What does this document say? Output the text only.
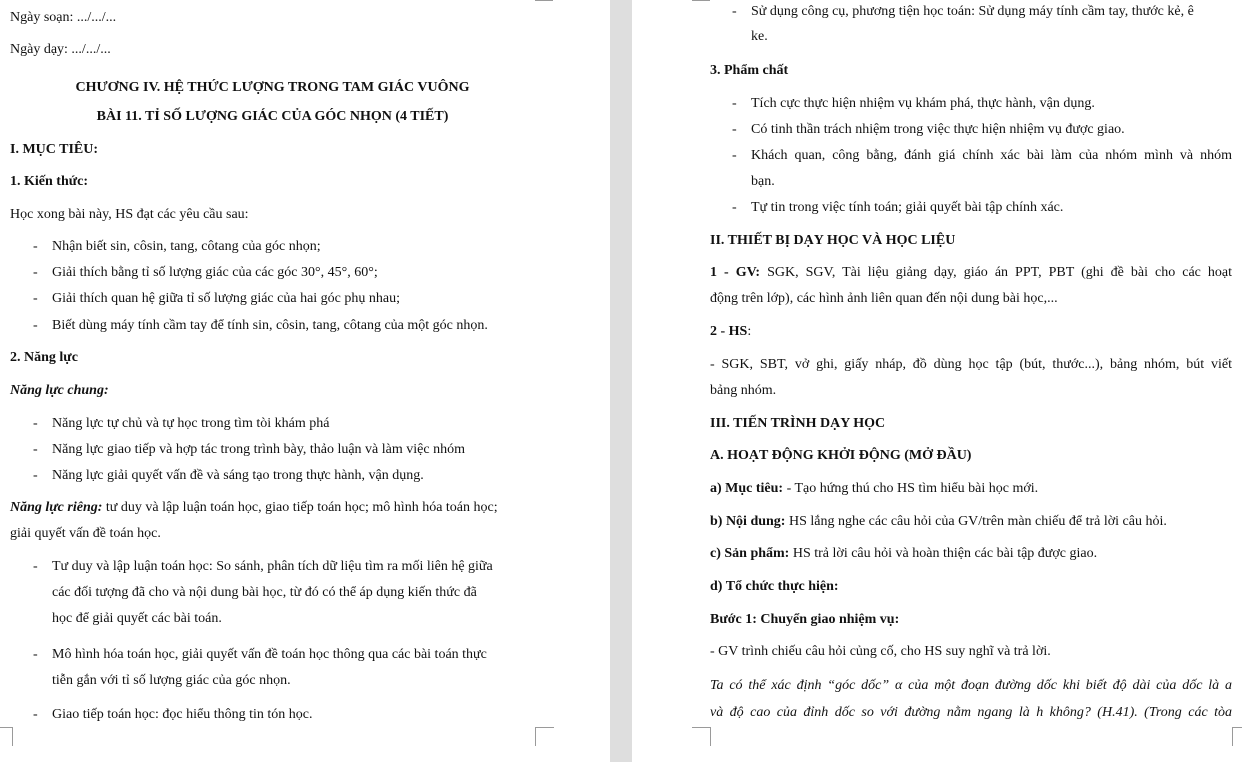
Ngày soạn: .../.../...
Ngày dạy: .../.../...
CHƯƠNG IV. HỆ THỨC LƯỢNG TRONG TAM GIÁC VUÔNG
BÀI 11. TỈ SỐ LƯỢNG GIÁC CỦA GÓC NHỌN (4 TIẾT)
I. MỤC TIÊU:
1. Kiến thức:
Học xong bài này, HS đạt các yêu cầu sau:
- Nhận biết sin, côsin, tang, côtang của góc nhọn;
- Giải thích bằng tỉ số lượng giác của các góc 30°, 45°, 60°;
- Giải thích quan hệ giữa tỉ số lượng giác của hai góc phụ nhau;
- Biết dùng máy tính cầm tay để tính sin, côsin, tang, côtang của một góc nhọn.
2. Năng lực
Năng lực chung:
- Năng lực tự chủ và tự học trong tìm tòi khám phá
- Năng lực giao tiếp và hợp tác trong trình bày, thảo luận và làm việc nhóm
- Năng lực giải quyết vấn đề và sáng tạo trong thực hành, vận dụng.
Năng lực riêng: tư duy và lập luận toán học, giao tiếp toán học; mô hình hóa toán học;
giải quyết vấn đề toán học.
- Tư duy và lập luận toán học: So sánh, phân tích dữ liệu tìm ra mối liên hệ giữa
các đối tượng đã cho và nội dung bài học, từ đó có thể áp dụng kiến thức đã
học để giải quyết các bài toán.
- Mô hình hóa toán học, giải quyết vấn đề toán học thông qua các bài toán thực
tiễn gắn với tỉ số lượng giác của góc nhọn.
- Giao tiếp toán học: đọc hiểu thông tin tón học.
- Sử dụng công cụ, phương tiện học toán: Sử dụng máy tính cầm tay, thước kẻ, ê
ke.
3. Phẩm chất
- Tích cực thực hiện nhiệm vụ khám phá, thực hành, vận dụng.
- Có tinh thần trách nhiệm trong việc thực hiện nhiệm vụ được giao.
- Khách quan, công bằng, đánh giá chính xác bài làm của nhóm mình và nhóm
bạn.
- Tự tin trong việc tính toán; giải quyết bài tập chính xác.
II. THIẾT BỊ DẠY HỌC VÀ HỌC LIỆU
1 - GV: SGK, SGV, Tài liệu giảng dạy, giáo án PPT, PBT (ghi đề bài cho các hoạt
động trên lớp), các hình ảnh liên quan đến nội dung bài học,...
2 - HS:
- SGK, SBT, vở ghi, giấy nháp, đồ dùng học tập (bút, thước...), bảng nhóm, bút viết
bảng nhóm.
III. TIẾN TRÌNH DẠY HỌC
A. HOẠT ĐỘNG KHỞI ĐỘNG (MỞ ĐẦU)
a) Mục tiêu: - Tạo hứng thú cho HS tìm hiểu bài học mới.
b) Nội dung: HS lắng nghe các câu hỏi của GV/trên màn chiếu để trả lời câu hỏi.
c) Sản phẩm: HS trả lời câu hỏi và hoàn thiện các bài tập được giao.
d) Tổ chức thực hiện:
Bước 1: Chuyển giao nhiệm vụ:
- GV trình chiếu câu hỏi củng cố, cho HS suy nghĩ và trả lời.
Ta có thể xác định “góc dốc” α của một đoạn đường dốc khi biết độ dài của dốc là a
và độ cao của đỉnh dốc so với đường nằm ngang là h không? (H.41). (Trong các tòa
